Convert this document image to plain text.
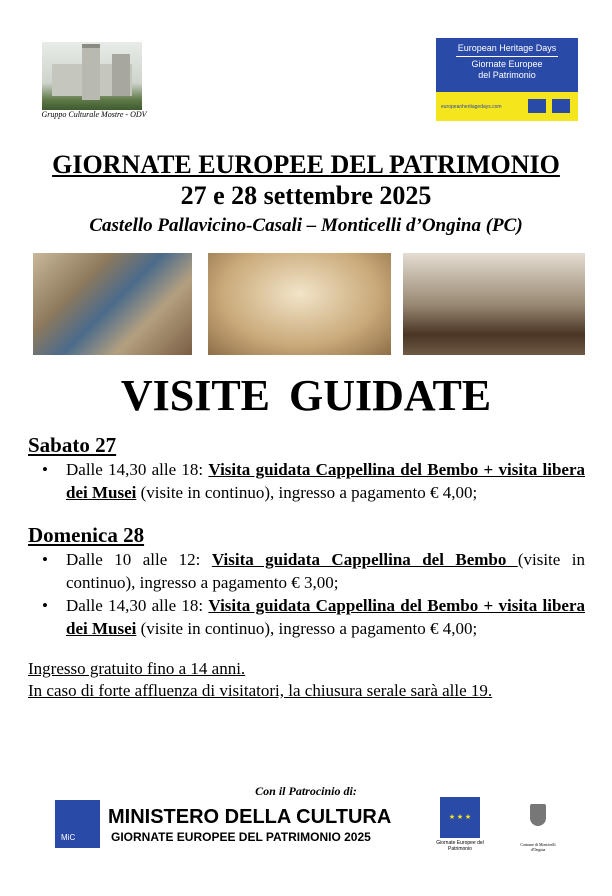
Gruppo Culturale Mostre - ODV
European Heritage Days
Giornate Europee
del Patrimonio
europeanheritagedays.com
GIORNATE EUROPEE DEL PATRIMONIO
27 e 28 settembre 2025
Castello Pallavicino-Casali – Monticelli d’Ongina (PC)
VISITE GUIDATE
Sabato 27
• Dalle 14,30 alle 18: Visita guidata Cappellina del Bembo + visita libera dei Musei (visite in continuo), ingresso a pagamento € 4,00;
Domenica 28
• Dalle 10 alle 12: Visita guidata Cappellina del Bembo (visite in continuo), ingresso a pagamento € 3,00;
• Dalle 14,30 alle 18: Visita guidata Cappellina del Bembo + visita libera dei Musei (visite in continuo), ingresso a pagamento € 4,00;
Ingresso gratuito fino a 14 anni.
In caso di forte affluenza di visitatori, la chiusura serale sarà alle 19.
Con il Patrocinio di:
MiC
MINISTERO DELLA CULTURA
GIORNATE EUROPEE DEL PATRIMONIO 2025
★ ★ ★
Giornate Europee del Patrimonio
Comune di Monticelli d'Ongina
